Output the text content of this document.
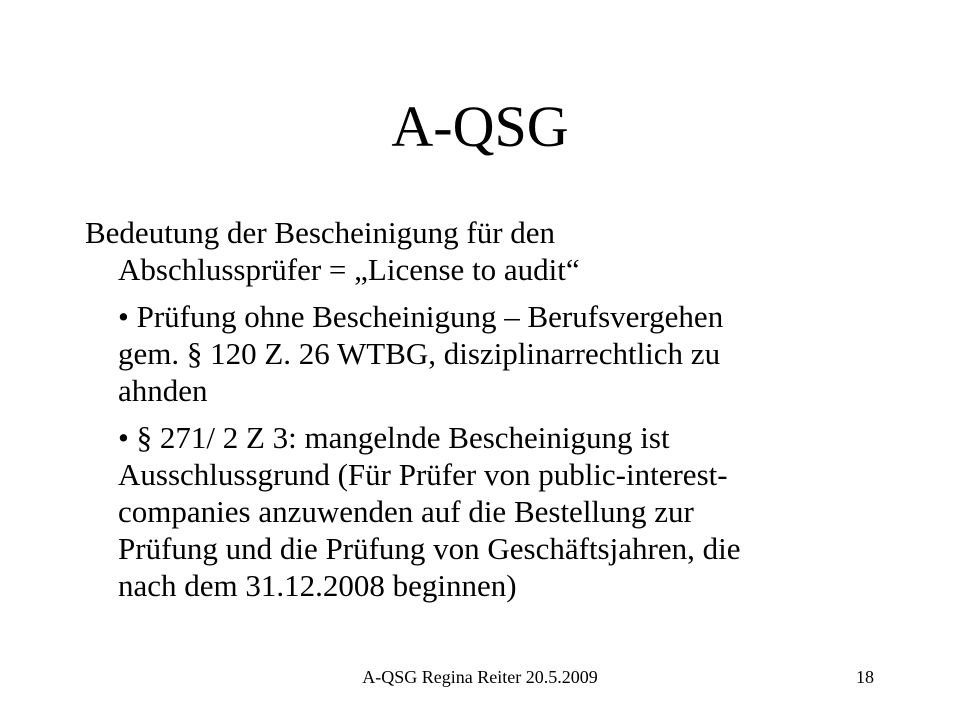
A-QSG
Bedeutung der Bescheinigung für den
Abschlussprüfer = „License to audit“
• Prüfung ohne Bescheinigung – Berufsvergehen
gem. § 120 Z. 26 WTBG, disziplinarrechtlich zu
ahnden
• § 271/ 2 Z 3: mangelnde Bescheinigung ist
Ausschlussgrund (Für Prüfer von public-interest-
companies anzuwenden auf die Bestellung zur
Prüfung und die Prüfung von Geschäftsjahren, die
nach dem 31.12.2008 beginnen)
A-QSG Regina Reiter 20.5.2009	18
